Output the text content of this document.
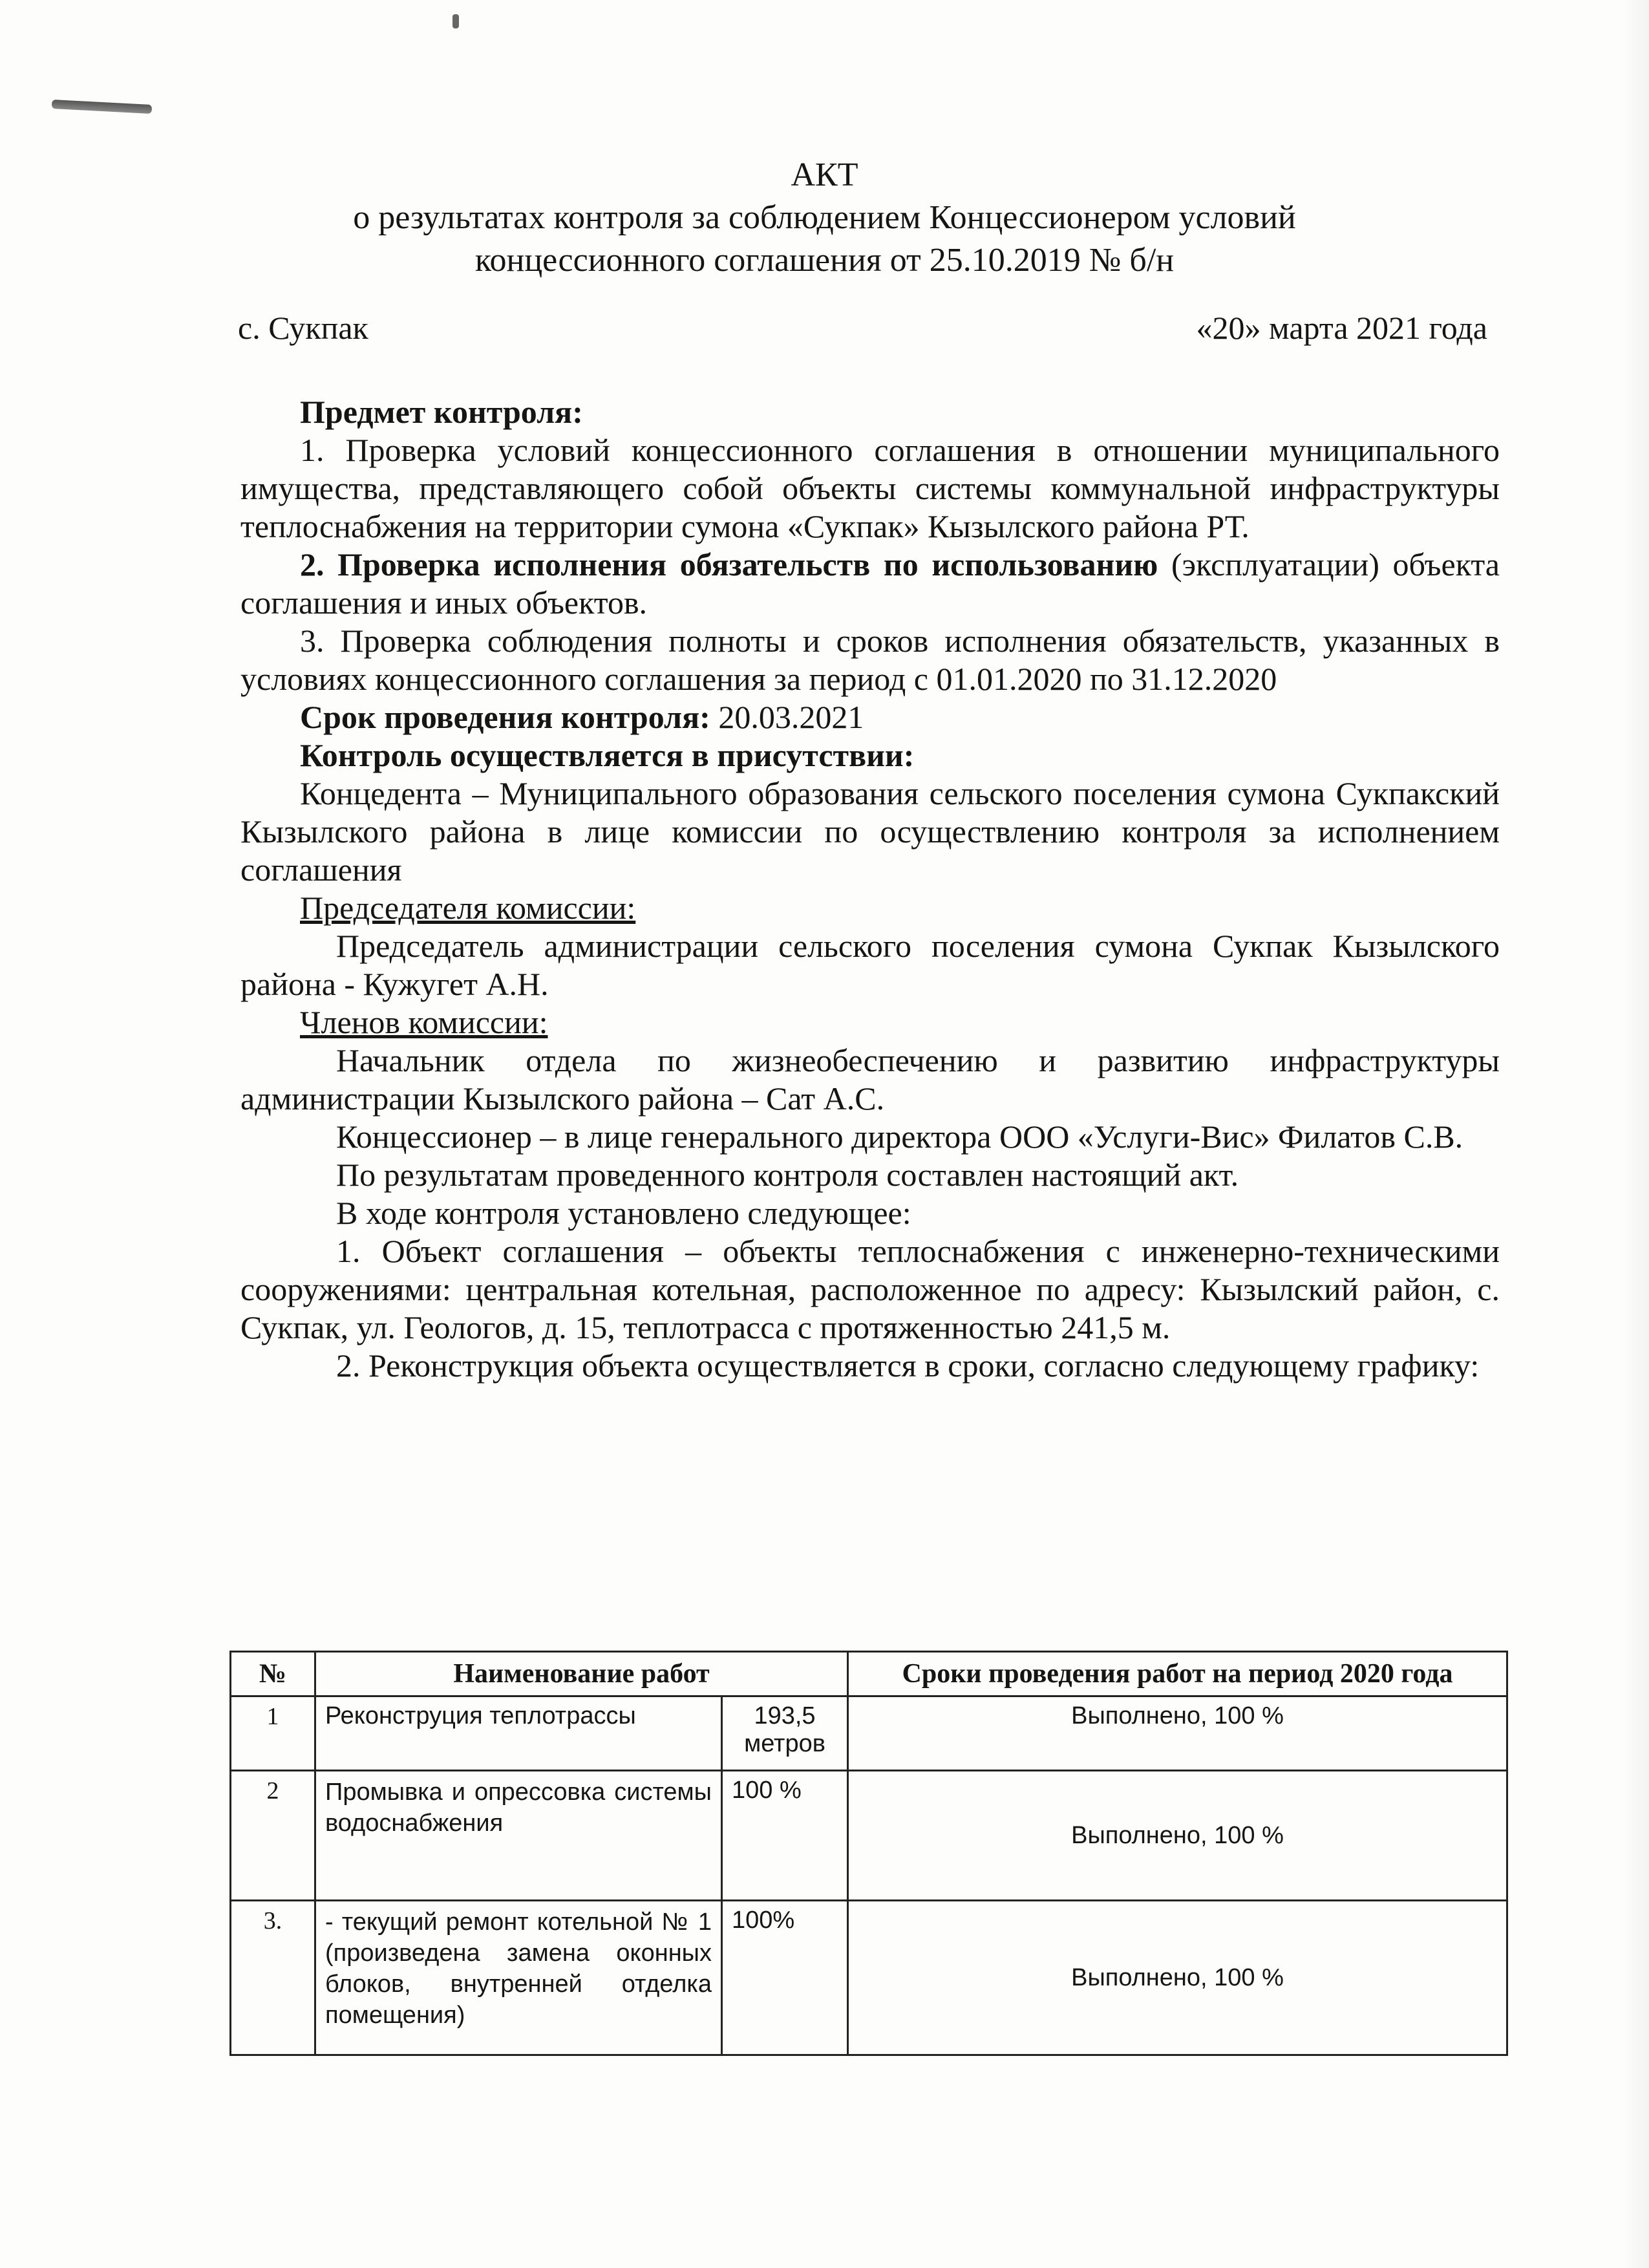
АКТ
о результатах контроля за соблюдением Концессионером условий
концессионного соглашения от 25.10.2019 № б/н
с. Сукпак	«20» марта 2021 года

Предмет контроля:

1. Проверка условий концессионного соглашения в отношении муниципального имущества, представляющего собой объекты системы коммунальной инфраструктуры теплоснабжения на территории сумона «Сукпак» Кызылского района РТ.

2. Проверка исполнения обязательств по использованию (эксплуатации) объекта соглашения и иных объектов.

3. Проверка соблюдения полноты и сроков исполнения обязательств, указанных в условиях концессионного соглашения за период с 01.01.2020 по 31.12.2020

Срок проведения контроля: 20.03.2021

Контроль осуществляется в присутствии:

Концедента – Муниципального образования сельского поселения сумона Сукпакский Кызылского района в лице комиссии по осуществлению контроля за исполнением соглашения

Председателя комиссии:

Председатель администрации сельского поселения сумона Сукпак Кызылского района - Кужугет А.Н.

Членов комиссии:

Начальник отдела по жизнеобеспечению и развитию инфраструктуры администрации Кызылского района – Сат А.С.

Концессионер – в лице генерального директора ООО «Услуги-Вис» Филатов С.В.

По результатам проведенного контроля составлен настоящий акт.

В ходе контроля установлено следующее:

1. Объект соглашения – объекты теплоснабжения с инженерно-техническими сооружениями: центральная котельная, расположенное по адресу: Кызылский район, с. Сукпак, ул. Геологов, д. 15, теплотрасса с протяженностью 241,5 м.

2. Реконструкция объекта осуществляется в сроки, согласно следующему графику:

№	Наименование работ		Сроки проведения работ на период 2020 года
1	Реконструция теплотрассы	193,5 метров	Выполнено, 100 %
2	Промывка и опрессовка системы водоснабжения	100 %	Выполнено, 100 %
3.	- текущий ремонт котельной № 1 (произведена замена оконных блоков, внутренней отделка помещения)	100%	Выполнено, 100 %
